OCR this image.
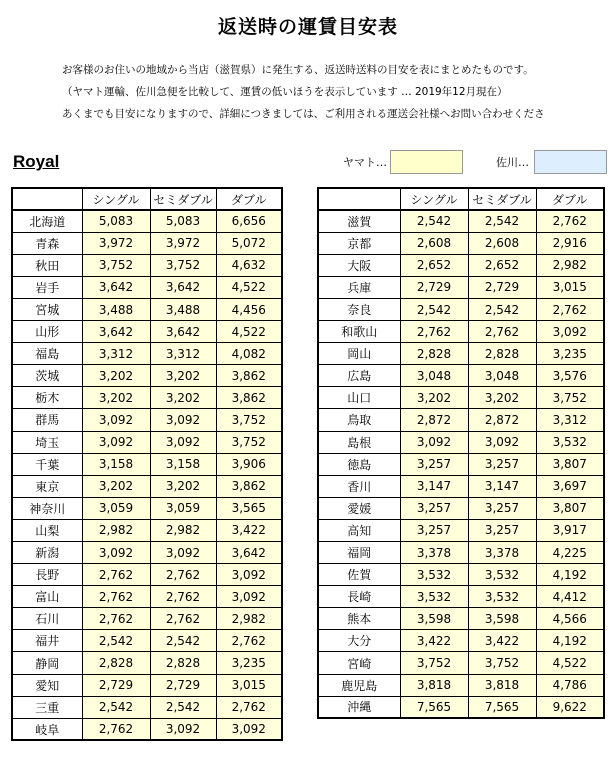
返送時の運賃目安表
お客様のお住いの地域から当店（滋賀県）に発生する、返送時送料の目安を表にまとめたものです。
（ヤマト運輸、佐川急便を比較して、運賃の低いほうを表示しています … 2019年12月現在）
あくまでも目安になりますので、詳細につきましては、ご利用される運送会社様へお問い合わせくださ
Royal	ヤマト…	佐川…
	シングル	セミダブル	ダブル
北海道	5,083	5,083	6,656
青森	3,972	3,972	5,072
秋田	3,752	3,752	4,632
岩手	3,642	3,642	4,522
宮城	3,488	3,488	4,456
山形	3,642	3,642	4,522
福島	3,312	3,312	4,082
茨城	3,202	3,202	3,862
栃木	3,202	3,202	3,862
群馬	3,092	3,092	3,752
埼玉	3,092	3,092	3,752
千葉	3,158	3,158	3,906
東京	3,202	3,202	3,862
神奈川	3,059	3,059	3,565
山梨	2,982	2,982	3,422
新潟	3,092	3,092	3,642
長野	2,762	2,762	3,092
富山	2,762	2,762	3,092
石川	2,762	2,762	2,982
福井	2,542	2,542	2,762
静岡	2,828	2,828	3,235
愛知	2,729	2,729	3,015
三重	2,542	2,542	2,762
岐阜	2,762	3,092	3,092
	シングル	セミダブル	ダブル
滋賀	2,542	2,542	2,762
京都	2,608	2,608	2,916
大阪	2,652	2,652	2,982
兵庫	2,729	2,729	3,015
奈良	2,542	2,542	2,762
和歌山	2,762	2,762	3,092
岡山	2,828	2,828	3,235
広島	3,048	3,048	3,576
山口	3,202	3,202	3,752
鳥取	2,872	2,872	3,312
島根	3,092	3,092	3,532
徳島	3,257	3,257	3,807
香川	3,147	3,147	3,697
愛媛	3,257	3,257	3,807
高知	3,257	3,257	3,917
福岡	3,378	3,378	4,225
佐賀	3,532	3,532	4,192
長崎	3,532	3,532	4,412
熊本	3,598	3,598	4,566
大分	3,422	3,422	4,192
宮崎	3,752	3,752	4,522
鹿児島	3,818	3,818	4,786
沖縄	7,565	7,565	9,622
